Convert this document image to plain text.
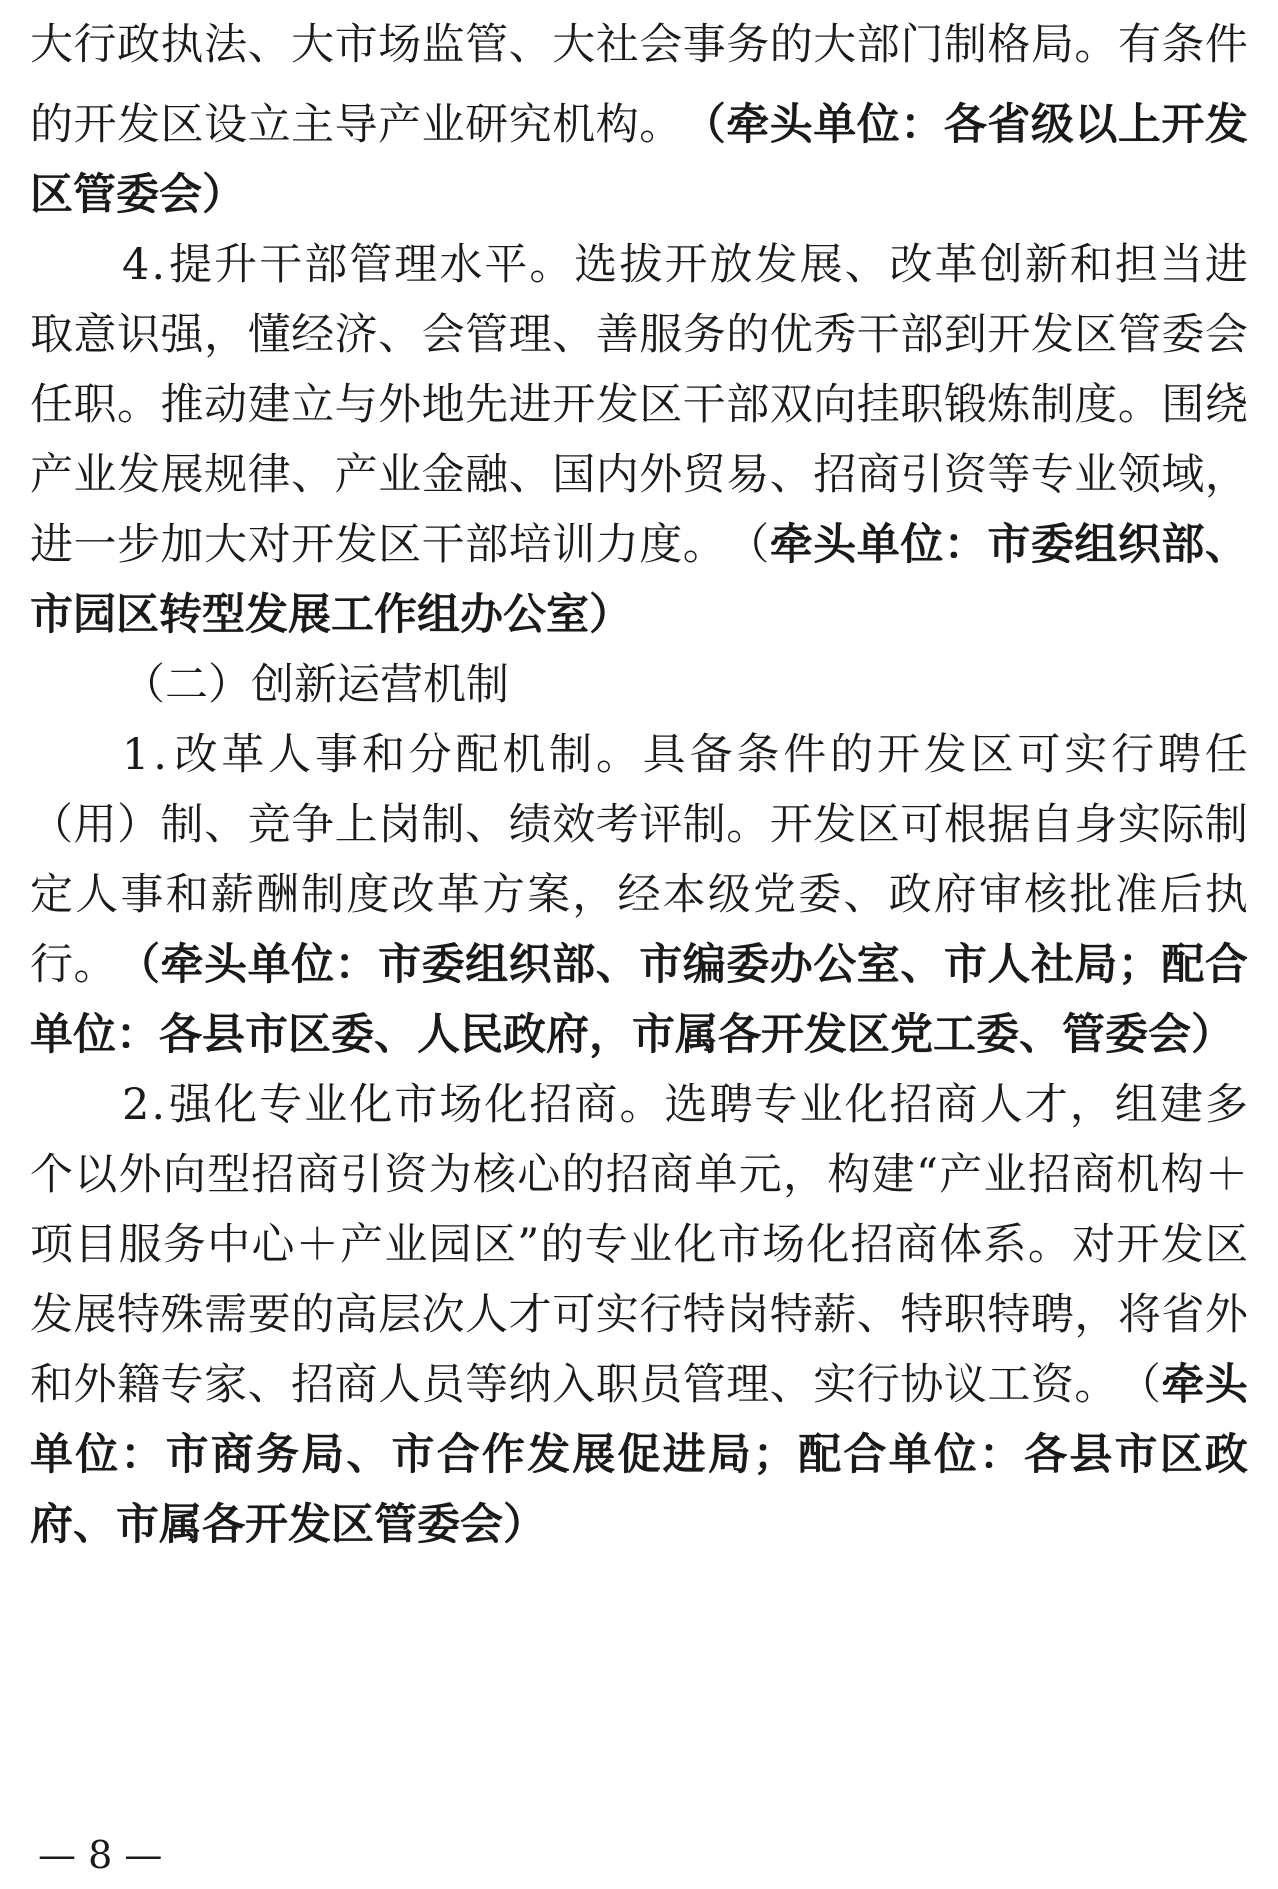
大 行 政 执 法 、 大 市 场 监 管 、 大 社 会 事 务 的 大 部 门 制 格 局 。 有 条 件
的 开 发 区 设 立 主 导 产 业 研 究 机 构 。 （ 牵 头 单 位 ： 各 省 级 以 上 开 发
区管委会）
4 . 提 升 干 部 管 理 水 平 。 选 拔 开 放 发 展 、 改 革 创 新 和 担 当 进
取 意 识 强 ， 懂 经 济 、 会 管 理 、 善 服 务 的 优 秀 干 部 到 开 发 区 管 委 会
任 职 。 推 动 建 立 与 外 地 先 进 开 发 区 干 部 双 向 挂 职 锻 炼 制 度 。 围 绕
产 业 发 展 规 律 、 产 业 金 融 、 国 内 外 贸 易 、 招 商 引 资 等 专 业 领 域 ，
进 一 步 加 大 对 开 发 区 干 部 培 训 力 度 。 （ 牵 头 单 位 ： 市 委 组 织 部 、
市园区转型发展工作组办公室）
（二）创新运营机制
1 . 改 革 人 事 和 分 配 机 制 。 具 备 条 件 的 开 发 区 可 实 行 聘 任
（ 用 ） 制 、 竞 争 上 岗 制 、 绩 效 考 评 制 。 开 发 区 可 根 据 自 身 实 际 制
定 人 事 和 薪 酬 制 度 改 革 方 案 ， 经 本 级 党 委 、 政 府 审 核 批 准 后 执
行 。 （ 牵 头 单 位 ： 市 委 组 织 部 、 市 编 委 办 公 室 、 市 人 社 局 ； 配 合
单位：各县市区委、人民政府，市属各开发区党工委、管委会）
2 . 强 化 专 业 化 市 场 化 招 商 。 选 聘 专 业 化 招 商 人 才 ， 组 建 多
个 以 外 向 型 招 商 引 资 为 核 心 的 招 商 单 元 ， 构 建 “ 产 业 招 商 机 构 ＋
项 目 服 务 中 心 ＋ 产 业 园 区 ” 的 专 业 化 市 场 化 招 商 体 系 。 对 开 发 区
发 展 特 殊 需 要 的 高 层 次 人 才 可 实 行 特 岗 特 薪 、 特 职 特 聘 ， 将 省 外
和 外 籍 专 家 、 招 商 人 员 等 纳 入 职 员 管 理 、 实 行 协 议 工 资 。 （ 牵 头
单 位 ： 市 商 务 局 、 市 合 作 发 展 促 进 局 ； 配 合 单 位 ： 各 县 市 区 政
府、市属各开发区管委会）
— 8 —
